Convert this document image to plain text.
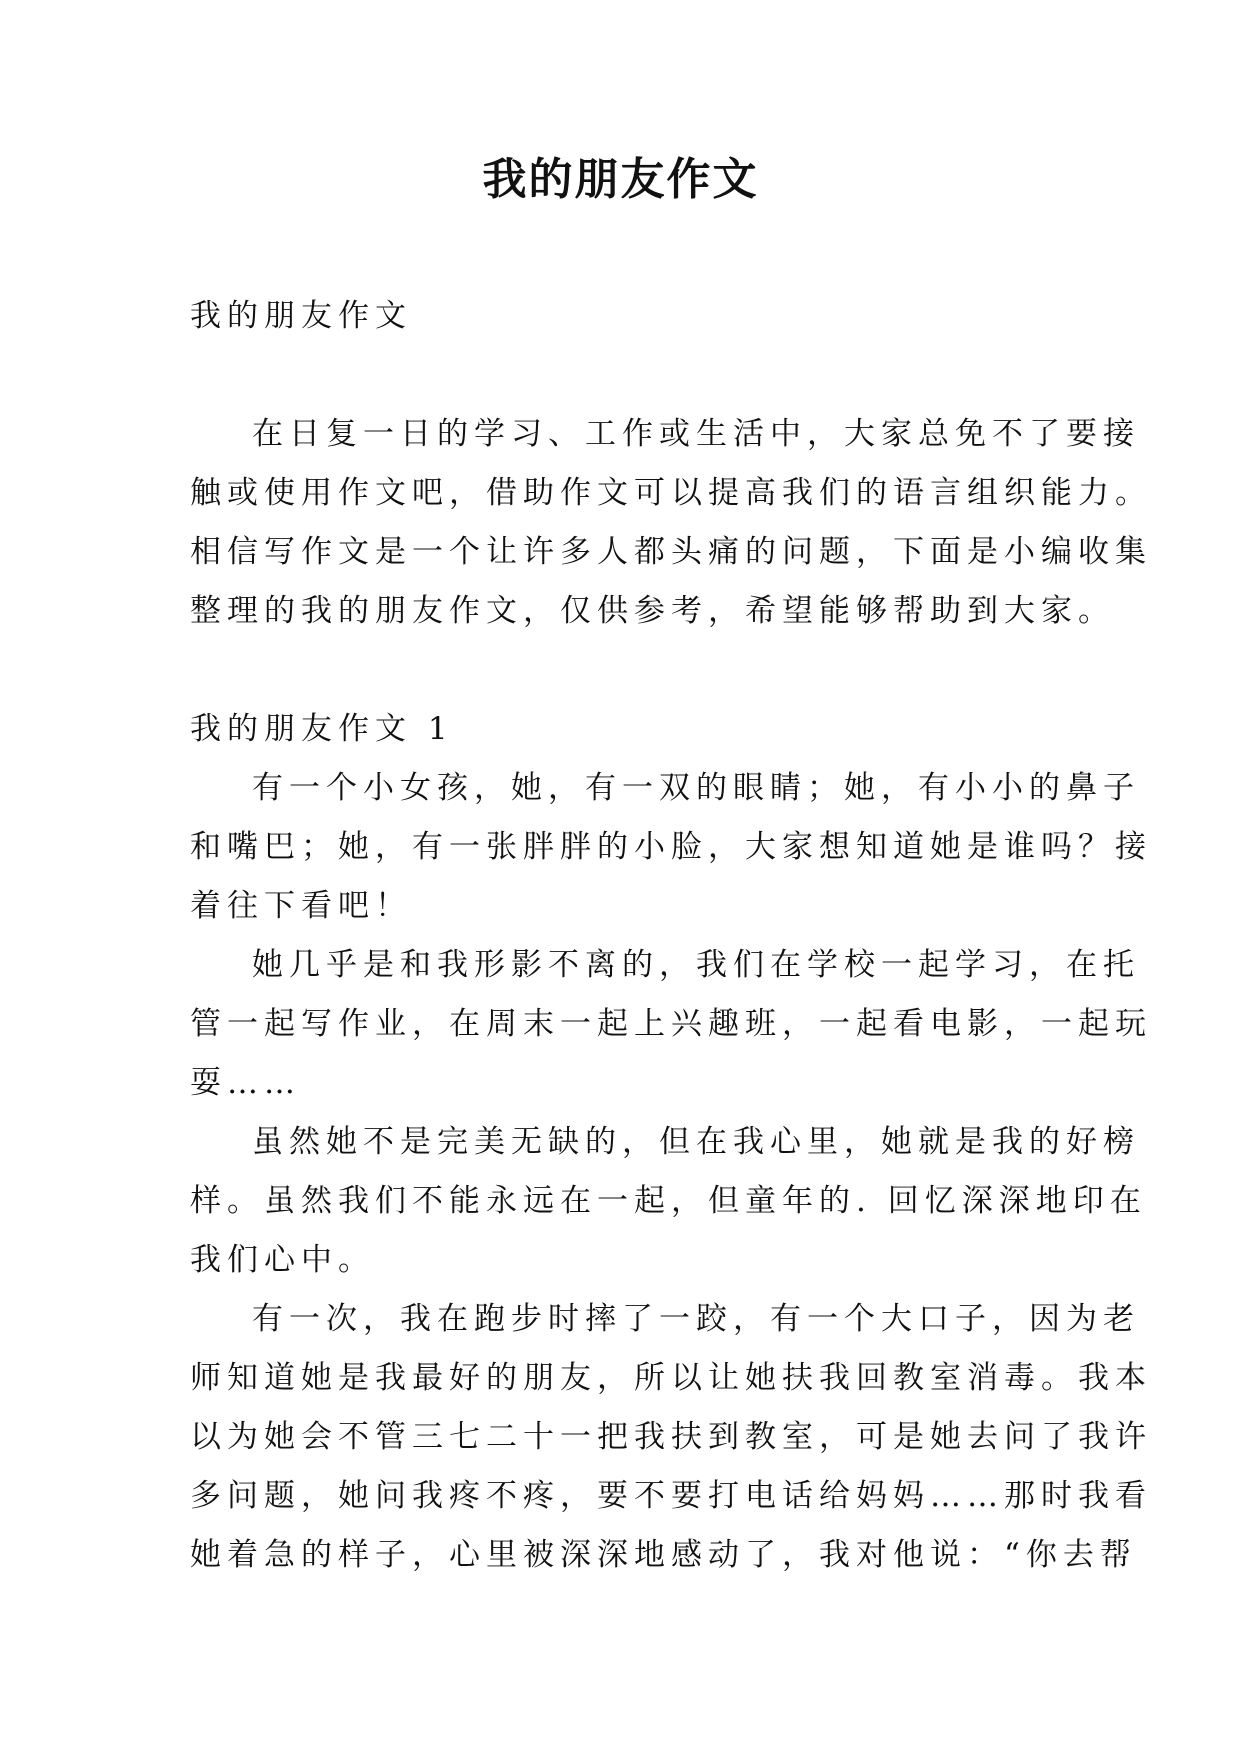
我的朋友作文

我的朋友作文

在日复一日的学习、工作或生活中，大家总免不了要接

触或使用作文吧，借助作文可以提高我们的语言组织能力。

相信写作文是一个让许多人都头痛的问题，下面是小编收集

整理的我的朋友作文，仅供参考，希望能够帮助到大家。

我的朋友作文 1

有一个小女孩，她，有一双的眼睛；她，有小小的鼻子

和嘴巴；她，有一张胖胖的小脸，大家想知道她是谁吗？接

着往下看吧！

她几乎是和我形影不离的，我们在学校一起学习，在托

管一起写作业，在周末一起上兴趣班，一起看电影，一起玩

耍……

虽然她不是完美无缺的，但在我心里，她就是我的好榜

样。虽然我们不能永远在一起，但童年的. 回忆深深地印在

我们心中。

有一次，我在跑步时摔了一跤，有一个大口子，因为老

师知道她是我最好的朋友，所以让她扶我回教室消毒。我本

以为她会不管三七二十一把我扶到教室，可是她去问了我许

多问题，她问我疼不疼，要不要打电话给妈妈……那时我看

她着急的样子，心里被深深地感动了，我对他说：“你去帮
